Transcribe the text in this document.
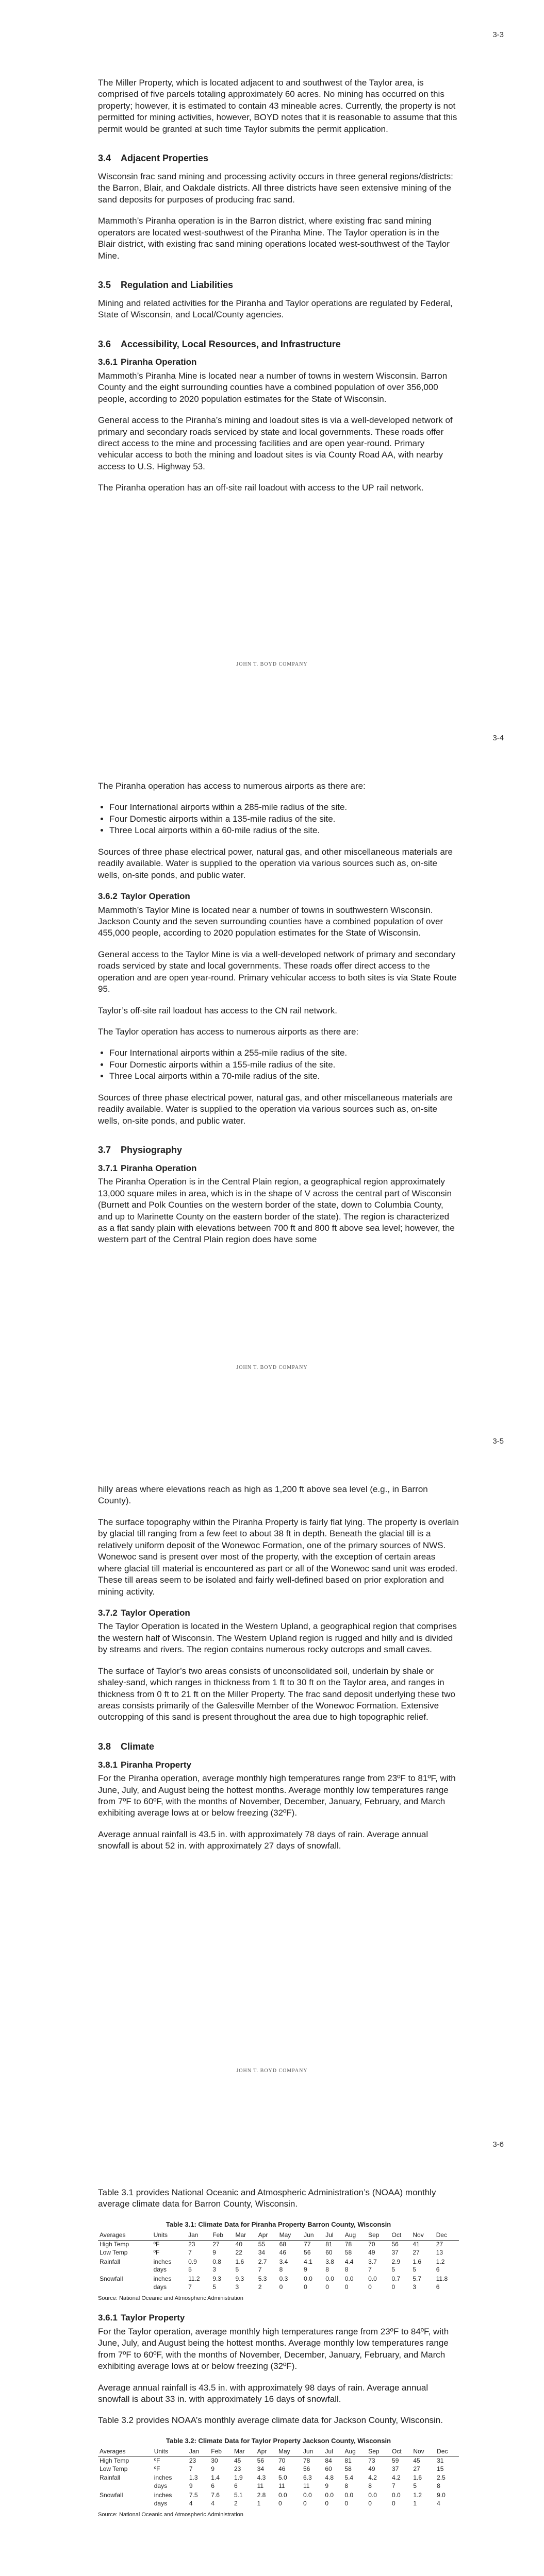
3-3

The Miller Property, which is located adjacent to and southwest of the Taylor area, is comprised of five parcels totaling approximately 60 acres. No mining has occurred on this property; however, it is estimated to contain 43 mineable acres. Currently, the property is not permitted for mining activities, however, BOYD notes that it is reasonable to assume that this permit would be granted at such time Taylor submits the permit application.

3.4 Adjacent Properties

Wisconsin frac sand mining and processing activity occurs in three general regions/districts: the Barron, Blair, and Oakdale districts. All three districts have seen extensive mining of the sand deposits for purposes of producing frac sand.

Mammoth’s Piranha operation is in the Barron district, where existing frac sand mining operators are located west-southwest of the Piranha Mine. The Taylor operation is in the Blair district, with existing frac sand mining operations located west-southwest of the Taylor Mine.

3.5 Regulation and Liabilities

Mining and related activities for the Piranha and Taylor operations are regulated by Federal, State of Wisconsin, and Local/County agencies.

3.6 Accessibility, Local Resources, and Infrastructure
3.6.1 Piranha Operation

Mammoth’s Piranha Mine is located near a number of towns in western Wisconsin. Barron County and the eight surrounding counties have a combined population of over 356,000 people, according to 2020 population estimates for the State of Wisconsin.

General access to the Piranha’s mining and loadout sites is via a well-developed network of primary and secondary roads serviced by state and local governments. These roads offer direct access to the mine and processing facilities and are open year-round. Primary vehicular access to both the mining and loadout sites is via County Road AA, with nearby access to U.S. Highway 53.

The Piranha operation has an off-site rail loadout with access to the UP rail network.

JOHN T. BOYD COMPANY
3-4

The Piranha operation has access to numerous airports as there are:

• Four International airports within a 285-mile radius of the site.
• Four Domestic airports within a 135-mile radius of the site.
• Three Local airports within a 60-mile radius of the site.

Sources of three phase electrical power, natural gas, and other miscellaneous materials are readily available. Water is supplied to the operation via various sources such as, on-site wells, on-site ponds, and public water.

3.6.2 Taylor Operation

Mammoth’s Taylor Mine is located near a number of towns in southwestern Wisconsin. Jackson County and the seven surrounding counties have a combined population of over 455,000 people, according to 2020 population estimates for the State of Wisconsin.

General access to the Taylor Mine is via a well-developed network of primary and secondary roads serviced by state and local governments. These roads offer direct access to the operation and are open year-round. Primary vehicular access to both sites is via State Route 95.

Taylor’s off-site rail loadout has access to the CN rail network.

The Taylor operation has access to numerous airports as there are:

• Four International airports within a 255-mile radius of the site.
• Four Domestic airports within a 155-mile radius of the site.
• Three Local airports within a 70-mile radius of the site.

Sources of three phase electrical power, natural gas, and other miscellaneous materials are readily available. Water is supplied to the operation via various sources such as, on-site wells, on-site ponds, and public water.

3.7 Physiography
3.7.1 Piranha Operation

The Piranha Operation is in the Central Plain region, a geographical region approximately 13,000 square miles in area, which is in the shape of V across the central part of Wisconsin (Burnett and Polk Counties on the western border of the state, down to Columbia County, and up to Marinette County on the eastern border of the state). The region is characterized as a flat sandy plain with elevations between 700 ft and 800 ft above sea level; however, the western part of the Central Plain region does have some

JOHN T. BOYD COMPANY
3-5

hilly areas where elevations reach as high as 1,200 ft above sea level (e.g., in Barron County).

The surface topography within the Piranha Property is fairly flat lying. The property is overlain by glacial till ranging from a few feet to about 38 ft in depth. Beneath the glacial till is a relatively uniform deposit of the Wonewoc Formation, one of the primary sources of NWS. Wonewoc sand is present over most of the property, with the exception of certain areas where glacial till material is encountered as part or all of the Wonewoc sand unit was eroded. These till areas seem to be isolated and fairly well-defined based on prior exploration and mining activity.

3.7.2 Taylor Operation

The Taylor Operation is located in the Western Upland, a geographical region that comprises the western half of Wisconsin. The Western Upland region is rugged and hilly and is divided by streams and rivers. The region contains numerous rocky outcrops and small caves.

The surface of Taylor’s two areas consists of unconsolidated soil, underlain by shale or shaley-sand, which ranges in thickness from 1 ft to 30 ft on the Taylor area, and ranges in thickness from 0 ft to 21 ft on the Miller Property. The frac sand deposit underlying these two areas consists primarily of the Galesville Member of the Wonewoc Formation. Extensive outcropping of this sand is present throughout the area due to high topographic relief.

3.8 Climate
3.8.1 Piranha Property

For the Piranha operation, average monthly high temperatures range from 23ºF to 81ºF, with June, July, and August being the hottest months. Average monthly low temperatures range from 7ºF to 60ºF, with the months of November, December, January, February, and March exhibiting average lows at or below freezing (32ºF).

Average annual rainfall is 43.5 in. with approximately 78 days of rain. Average annual snowfall is about 52 in. with approximately 27 days of snowfall.

JOHN T. BOYD COMPANY
3-6

Table 3.1 provides National Oceanic and Atmospheric Administration’s (NOAA) monthly average climate data for Barron County, Wisconsin.

Table 3.1: Climate Data for Piranha Property Barron County, Wisconsin
Averages	Units	Jan	Feb	Mar	Apr	May	Jun	Jul	Aug	Sep	Oct	Nov	Dec
High Temp	ºF	23	27	40	55	68	77	81	78	70	56	41	27
Low Temp	ºF	7	9	22	34	46	56	60	58	49	37	27	13
Rainfall	inches	0.9	0.8	1.6	2.7	3.4	4.1	3.8	4.4	3.7	2.9	1.6	1.2
	days	5	3	5	7	8	9	8	8	7	5	5	6
Snowfall	inches	11.2	9.3	9.3	5.3	0.3	0.0	0.0	0.0	0.0	0.7	5.7	11.8
	days	7	5	3	2	0	0	0	0	0	0	3	6
Source: National Oceanic and Atmospheric Administration
3.6.1 Taylor Property

For the Taylor operation, average monthly high temperatures range from 23ºF to 84ºF, with June, July, and August being the hottest months. Average monthly low temperatures range from 7ºF to 60ºF, with the months of November, December, January, February, and March exhibiting average lows at or below freezing (32ºF).

Average annual rainfall is 43.5 in. with approximately 98 days of rain. Average annual snowfall is about 33 in. with approximately 16 days of snowfall.

Table 3.2 provides NOAA’s monthly average climate data for Jackson County, Wisconsin.

Table 3.2: Climate Data for Taylor Property Jackson County, Wisconsin
Averages	Units	Jan	Feb	Mar	Apr	May	Jun	Jul	Aug	Sep	Oct	Nov	Dec
High Temp	ºF	23	30	45	56	70	78	84	81	73	59	45	31
Low Temp	ºF	7	9	23	34	46	56	60	58	49	37	27	15
Rainfall	inches	1.3	1.4	1.9	4.3	5.0	6.3	4.8	5.4	4.2	4.2	1.6	2.5
	days	9	6	6	11	11	11	9	8	8	7	5	8
Snowfall	inches	7.5	7.6	5.1	2.8	0.0	0.0	0.0	0.0	0.0	0.0	1.2	9.0
	days	4	4	2	1	0	0	0	0	0	0	1	4
Source: National Oceanic and Atmospheric Administration
